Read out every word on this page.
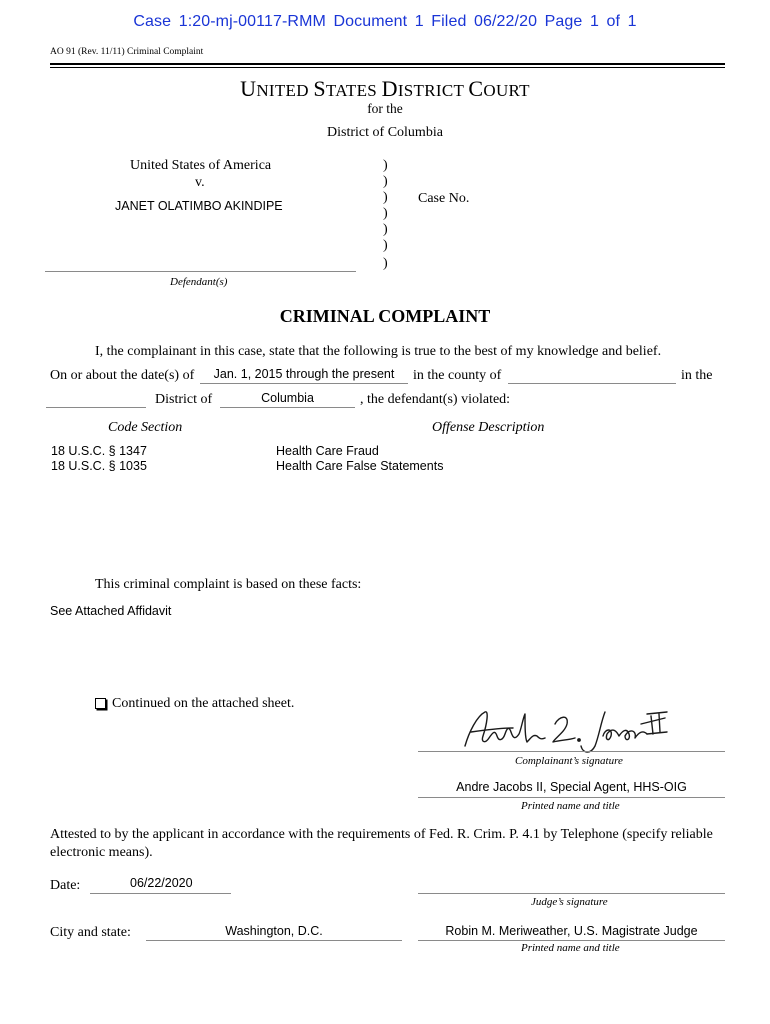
Case 1:20-mj-00117-RMM Document 1 Filed 06/22/20 Page 1 of 1
AO 91 (Rev. 11/11) Criminal Complaint
UNITED STATES DISTRICT COURT
for the
District of Columbia
United States of America
v.
JANET OLATIMBO AKINDIPE
Defendant(s)
)
)
)
)
)
)
)
Case No.
CRIMINAL COMPLAINT
I, the complainant in this case, state that the following is true to the best of my knowledge and belief.
On or about the date(s) of	Jan. 1, 2015 through the present	in the county of	in the
District of	Columbia	, the defendant(s) violated:
Code Section	Offense Description
18 U.S.C. § 1347	Health Care Fraud
18 U.S.C. § 1035	Health Care False Statements
This criminal complaint is based on these facts:
See Attached Affidavit
Continued on the attached sheet.
Complainant’s signature
Andre Jacobs II, Special Agent, HHS-OIG
Printed name and title
Attested to by the applicant in accordance with the requirements of Fed. R. Crim. P. 4.1 by Telephone (specify reliable electronic means).
Date:	06/22/2020
Judge’s signature
City and state:	Washington, D.C.	Robin M. Meriweather, U.S. Magistrate Judge
Printed name and title
